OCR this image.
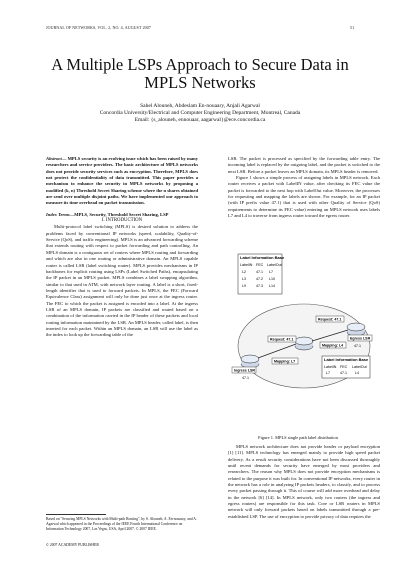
JOURNAL OF NETWORKS, VOL. 2, NO. 4, AUGUST 2007	51
A Multiple LSPs Approach to Secure Data in
MPLS Networks
Sahel Alouneh, Abdeslam En-nouaary, Anjali Agarwal
Concordia University/Electrical and Computer Engineering Department, Montreal, Canada
Email: {s_alouneh, ennouaar, aagarwal}@ece.concordia.ca

Abstract— MPLS security is an evolving issue which has been raised by many researchers and service providers. The basic architecture of MPLS networks does not provide security services such as encryption. Therefore, MPLS does not protect the confidentiality of data transmitted. This paper provides a mechanism to enhance the security in MPLS networks by proposing a modified (k, n) Threshold Secret Sharing scheme where the n shares obtained are send over multiple disjoint paths. We have implemented our approach to measure its time overhead on packet transmission.

Index Terms—MPLS, Security, Threshold Secret Sharing, LSP

I. INTRODUCTION

Multi-protocol label switching (MPLS) is desired solution to address the problems faced by conventional IP networks (speed, scalability, Quality-of-Service (QoS), and traffic engineering). MPLS is an advanced forwarding scheme that extends routing with respect to packet forwarding and path controlling. An MPLS domain is a contiguous set of routers where MPLS routing and forwarding and which are also in one routing or administrative domain. An MPLS capable router is called LSR (label switching router). MPLS provides mechanisms in IP backbones for explicit routing using LSPs (Label Switched Paths), encapsulating the IP packet in an MPLS packet. MPLS combines a label swapping algorithm, similar to that used in ATM, with network layer routing. A label is a short, fixed-length identifier that is used to forward packets. In MPLS, the FEC (Forward Equivalence Class) assignment will only be done just once at the ingress router. The FEC to which the packet is assigned is encoded into a label. At the ingress LSR of an MPLS domain, IP packets are classified and routed based on a combination of the information carried in the IP header of these packets and local routing information maintained by the LSR. An MPLS header, called label, is then inserted for each packet. Within an MPLS domain, an LSR will use the label as the index to look up the forwarding table of the

Based on "Securing MPLS Networks with Multi-path Routing", by S. Alouneh, A. En-nouaary, and A. Agarwal which appeared in the Proceedings of the IEEE Fourth International Conference on Information Technology 2007, Las Vegas, USA, April 2007. © 2007 IEEE.
© 2007 ACADEMY PUBLISHER

LSR. The packet is processed as specified by the forwarding table entry. The incoming label is replaced by the outgoing label, and the packet is switched to the next LSR. Before a packet leaves an MPLS domain, its MPLS header is removed.

Figure 1 shows a simple process of assigning labels in MPLS network. Each router receives a packet with LabelIN value, after checking its FEC value the packet is forwarded to the next hop with LabelOut value. Moreover, the processes for requesting and mapping the labels are shown. For example, for an IP packet (with IP prefix value 47.1) that is used with other Quality of Service (QoS) requirements to determine its FEC value) entering an MPLS network uses labels L7 and L4 to traverse from ingress router toward the egress router.

Label Information Base
LabelIN FEC LabelOut
L2	47.1 L7
L3	47.2 L10
L9	47.3 L14
Request: 47.1
Request: 47.1
Mapping: L7
Mapping: L4
Ingress LSR
47.1
Egress LSR
47.1
Label Information Base
LabelIN FEC LabelOut
L7	47.1 L4
Figure 1. MPLS single path label distribution

MPLS network architecture does not provide header or payload encryption [1] [11]. MPLS technology has emerged mainly to provide high speed packet delivery. As a result security considerations have not been discussed thoroughly until recent demands for security have emerged by most providers and researchers. The reason why MPLS does not provide encryption mechanisms is related to the purpose it was built for. In conventional IP networks, every router in the network has a role in analyzing IP packets headers, to classify, and to process every packet passing through it. This of course will add more overhead and delay in the network [6] [14]. In MPLS network, only two routers (the ingress and egress routers) are responsible for this task. Core or LSR routers in MPLS network will only forward packets based on labels transmitted through a pre-established LSP. The use of encryption to provide privacy of data requires the
